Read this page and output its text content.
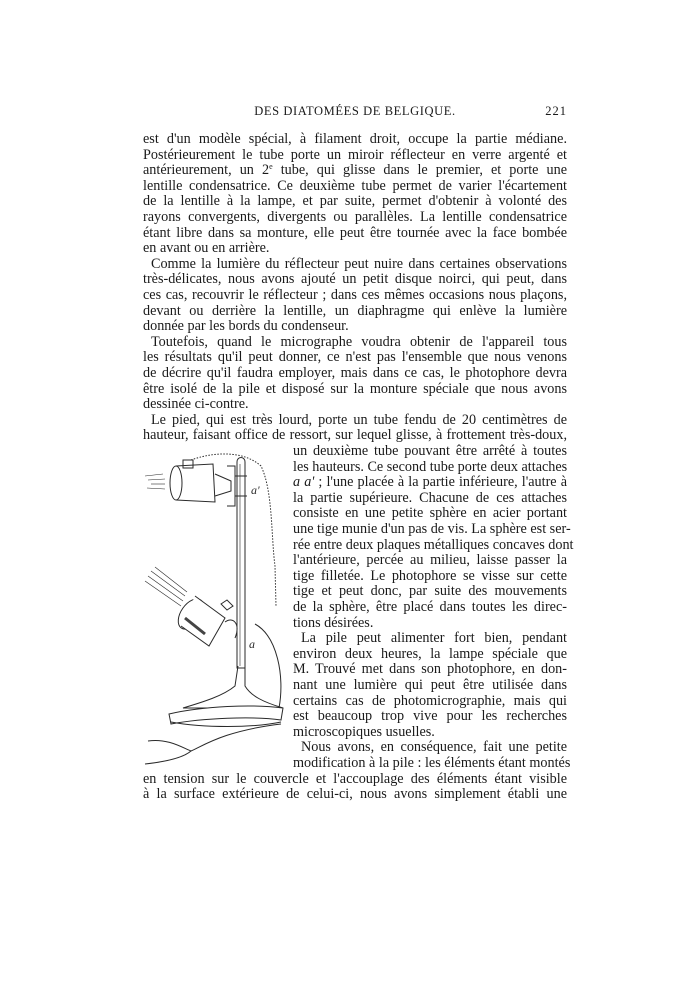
DES DIATOMÉES DE BELGIQUE.	221
est d'un modèle spécial, à filament droit, occupe la partie médiane.
Postérieurement le tube porte un miroir réflecteur en verre argenté et
antérieurement, un 2e tube, qui glisse dans le premier, et porte une
lentille condensatrice. Ce deuxième tube permet de varier l'écartement
de la lentille à la lampe, et par suite, permet d'obtenir à volonté des
rayons convergents, divergents ou parallèles. La lentille condensatrice
étant libre dans sa monture, elle peut être tournée avec la face bombée
en avant ou en arrière.
Comme la lumière du réflecteur peut nuire dans certaines observations
très-délicates, nous avons ajouté un petit disque noirci, qui peut, dans
ces cas, recouvrir le réflecteur ; dans ces mêmes occasions nous plaçons,
devant ou derrière la lentille, un diaphragme qui enlève la lumière
donnée par les bords du condenseur.
Toutefois, quand le micrographe voudra obtenir de l'appareil tous
les résultats qu'il peut donner, ce n'est pas l'ensemble que nous venons
de décrire qu'il faudra employer, mais dans ce cas, le photophore devra
être isolé de la pile et disposé sur la monture spéciale que nous avons
dessinée ci-contre.
Le pied, qui est très lourd, porte un tube fendu de 20 centimètres de
hauteur, faisant office de ressort, sur lequel glisse, à frottement très-doux,
un deuxième tube pouvant être arrêté à toutes
les hauteurs. Ce second tube porte deux attaches
a a' ; l'une placée à la partie inférieure, l'autre à
la partie supérieure. Chacune de ces attaches
consiste en une petite sphère en acier portant
une tige munie d'un pas de vis. La sphère est ser-
rée entre deux plaques métalliques concaves dont
l'antérieure, percée au milieu, laisse passer la
tige filletée. Le photophore se visse sur cette
tige et peut donc, par suite des mouvements
de la sphère, être placé dans toutes les direc-
tions désirées.
La pile peut alimenter fort bien, pendant
environ deux heures, la lampe spéciale que
M. Trouvé met dans son photophore, en don-
nant une lumière qui peut être utilisée dans
certains cas de photomicrographie, mais qui
est beaucoup trop vive pour les recherches
microscopiques usuelles.
Nous avons, en conséquence, fait une petite
modification à la pile : les éléments étant montés
en tension sur le couvercle et l'accouplage des éléments étant visible
à la surface extérieure de celui-ci, nous avons simplement établi une
a'
a
